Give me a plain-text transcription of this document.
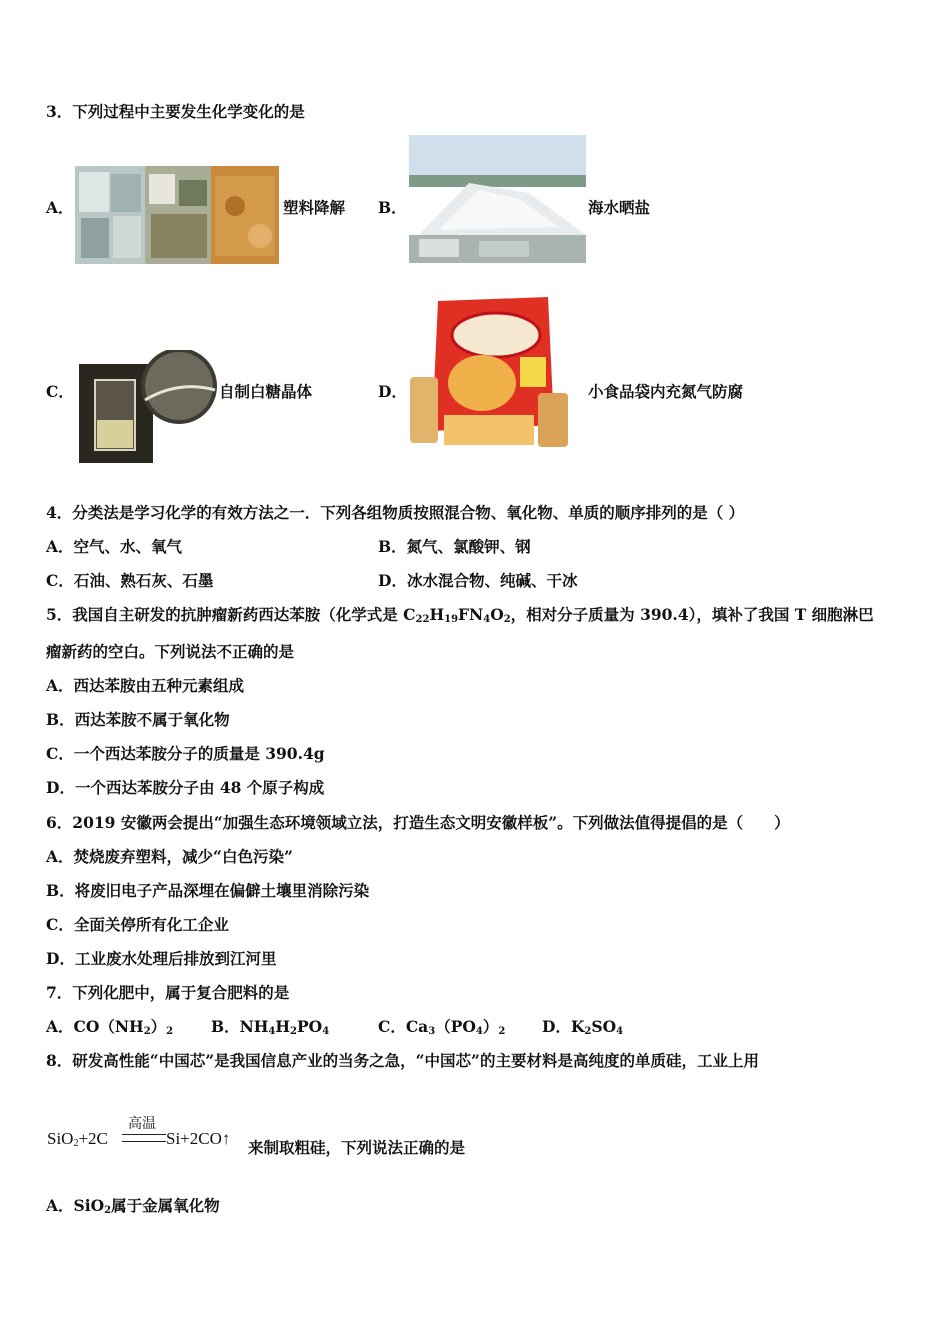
3．下列过程中主要发生化学变化的是
A．	塑料降解 B．	海水晒盐
C．	自制白糖晶体	D．	小食品袋内充氮气防腐
4．分类法是学习化学的有效方法之一．下列各组物质按照混合物、氧化物、单质的顺序排列的是（ ）
A．空气、水、氧气	B．氮气、氯酸钾、钢
C．石油、熟石灰、石墨	D．冰水混合物、纯碱、干冰
5．我国自主研发的抗肿瘤新药西达苯胺（化学式是 $C_{22}H_{19}FN_4O_2$，相对分子质量为 390.4），填补了我国 T 细胞淋巴
瘤新药的空白。下列说法不正确的是
A．西达苯胺由五种元素组成
B．西达苯胺不属于氧化物
C．一个西达苯胺分子的质量是 390.4g
D．一个西达苯胺分子由 48 个原子构成
6．2019 安徽两会提出“加强生态环境领域立法，打造生态文明安徽样板”。下列做法值得提倡的是（　　）
A．焚烧废弃塑料，减少“白色污染”
B．将废旧电子产品深埋在偏僻土壤里消除污染
C．全面关停所有化工企业
D．工业废水处理后排放到江河里
7．下列化肥中，属于复合肥料的是
A．$CO(NH_2)_2$ B．$NH_4H_2PO_4$	C．$Ca_3(PO_4)_2$ D．$K_2SO_4$
8．研发高性能“中国芯”是我国信息产业的当务之急，“中国芯”的主要材料是高纯度的单质硅，工业上用
SiO$_2$+2C
高温
Si+2CO↑ 来制取粗硅，下列说法正确的是
A．SiO$_2$属于金属氧化物
